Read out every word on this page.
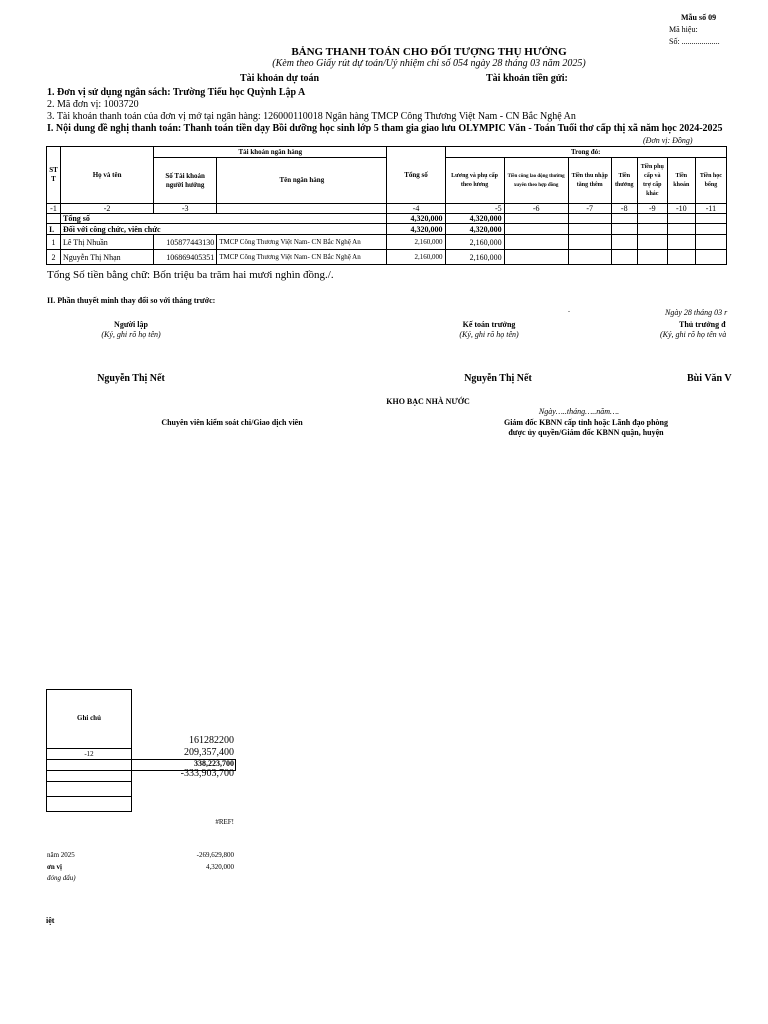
Mẫu số 09
Mã hiệu:
Số: ...................
BẢNG THANH TOÁN CHO ĐỐI TƯỢNG THỤ HƯỞNG
(Kèm theo Giấy rút dự toán/Uỷ nhiệm chi số 054 ngày 28 tháng 03 năm 2025)
Tài khoản dự toán	Tài khoản tiền gửi:
1. Đơn vị sử dụng ngân sách: Trường Tiểu học Quỳnh Lập A
2. Mã đơn vị: 1003720
3. Tài khoản thanh toán của đơn vị mở tại ngân hàng: 126000110018 Ngân hàng TMCP Công Thương Việt Nam - CN Bắc Nghệ An
I. Nội dung đề nghị thanh toán: Thanh toán tiền dạy Bồi dưỡng học sinh lớp 5 tham gia giao lưu OLYMPIC Văn - Toán Tuổi thơ cấp thị xã năm học 2024-2025
(Đơn vị: Đồng)
ST T	Họ và tên	Tài khoản ngân hàng		Tổng số	Trong đó:						
		Số Tài khoản người hưởng	Tên ngân hàng		Lương và phụ cấp theo lương	Tiền công lao động thường xuyên theo hợp đồng	Tiền thu nhập tăng thêm	Tiền thưởng	Tiền phụ cấp và trợ cấp khác	Tiền khoán	Tiền học bổng
-1	-2	-3		-4	-5	-6	-7	-8	-9	-10	-11
	Tổng số			4,320,000	4,320,000						
I.	Đối với công chức, viên chức			4,320,000	4,320,000						
1	Lê Thị Nhuần	105877443130	TMCP Công Thương Việt Nam- CN Bắc Nghệ An	2,160,000	2,160,000						
2	Nguyễn Thị Nhạn	106869405351	TMCP Công Thương Việt Nam- CN Bắc Nghệ An	2,160,000	2,160,000						
Tổng Số tiền bằng chữ: Bốn triệu ba trăm hai mươi nghìn đồng./.
II. Phần thuyết minh thay đổi so với tháng trước:
.	Ngày 28 tháng 03 r
Người lập
(Ký, ghi rõ họ tên)
Nguyễn Thị Nết
Kế toán trưởng
(Ký, ghi rõ họ tên)
Nguyễn Thị Nết
Thủ trưởng đ
(Ký, ghi rõ họ tên và
Bùi Văn V
KHO BẠC NHÀ NƯỚC
Ngày…..tháng…..năm….
Chuyên viên kiểm soát chi/Giao dịch viên	Giám đốc KBNN cấp tỉnh hoặc Lãnh đạo phòng
được ủy quyền/Giám đốc KBNN quận, huyện
Ghi chú
-12
161282200
209,357,400
338,223,700
-333,903,700
#REF!
năm 2025	-269,629,800
ơn vị	4,320,000
đóng dấu)
iệt
